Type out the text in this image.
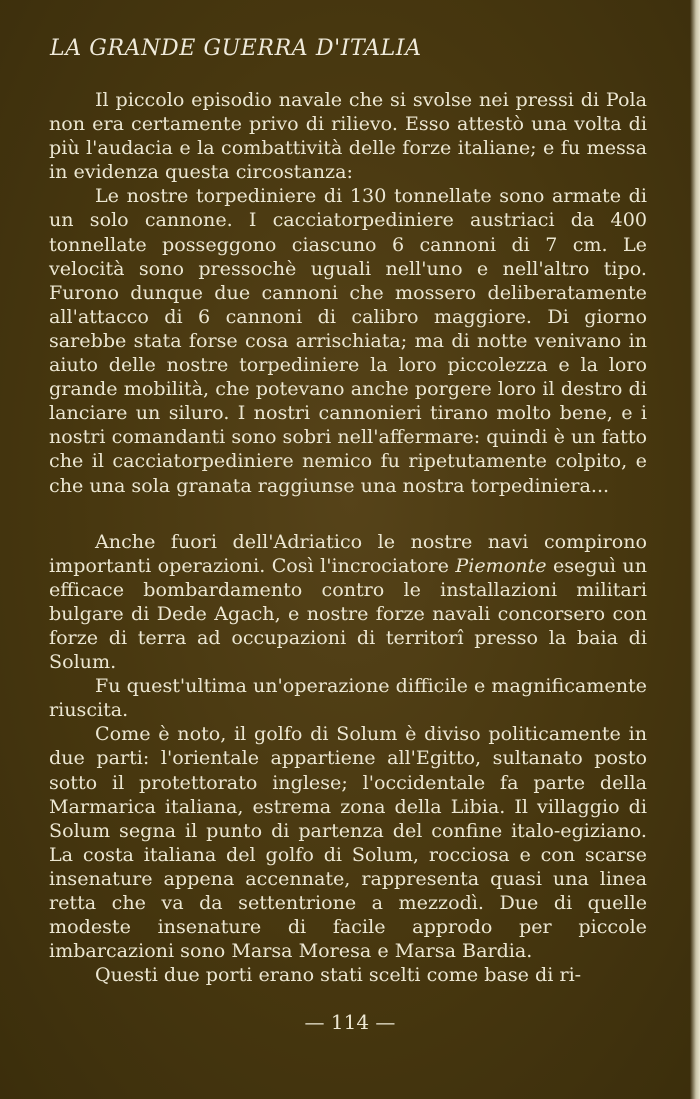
LA GRANDE GUERRA D'ITALIA

Il piccolo episodio navale che si svolse nei pressi di Pola non era certamente privo di rilievo. Esso attestò una volta di più l'audacia e la combattività delle forze italiane; e fu messa in evidenza questa circostanza:

Le nostre torpediniere di 130 tonnellate sono armate di un solo cannone. I cacciatorpediniere austriaci da 400 tonnellate posseggono ciascuno 6 cannoni di 7 cm. Le velocità sono pressochè uguali nell'uno e nell'altro tipo. Furono dunque due cannoni che mossero deliberatamente all'attacco di 6 cannoni di calibro maggiore. Di giorno sarebbe stata forse cosa arrischiata; ma di notte venivano in aiuto delle nostre torpediniere la loro piccolezza e la loro grande mobilità, che potevano anche porgere loro il destro di lanciare un siluro. I nostri cannonieri tirano molto bene, e i nostri comandanti sono sobri nell'affermare: quindi è un fatto che il cacciatorpediniere nemico fu ripetutamente colpito, e che una sola granata raggiunse una nostra torpediniera...

Anche fuori dell'Adriatico le nostre navi compirono importanti operazioni. Così l'incrociatore Piemonte eseguì un efficace bombardamento contro le installazioni militari bulgare di Dede Agach, e nostre forze navali concorsero con forze di terra ad occupazioni di territorî presso la baia di Solum.

Fu quest'ultima un'operazione difficile e magnificamente riuscita.

Come è noto, il golfo di Solum è diviso politicamente in due parti: l'orientale appartiene all'Egitto, sultanato posto sotto il protettorato inglese; l'occidentale fa parte della Marmarica italiana, estrema zona della Libia. Il villaggio di Solum segna il punto di partenza del confine italo-egiziano. La costa italiana del golfo di Solum, rocciosa e con scarse insenature appena accennate, rappresenta quasi una linea retta che va da settentrione a mezzodì. Due di quelle modeste insenature di facile approdo per piccole imbarcazioni sono Marsa Moresa e Marsa Bardia.

Questi due porti erano stati scelti come base di ri-

— 114 —
